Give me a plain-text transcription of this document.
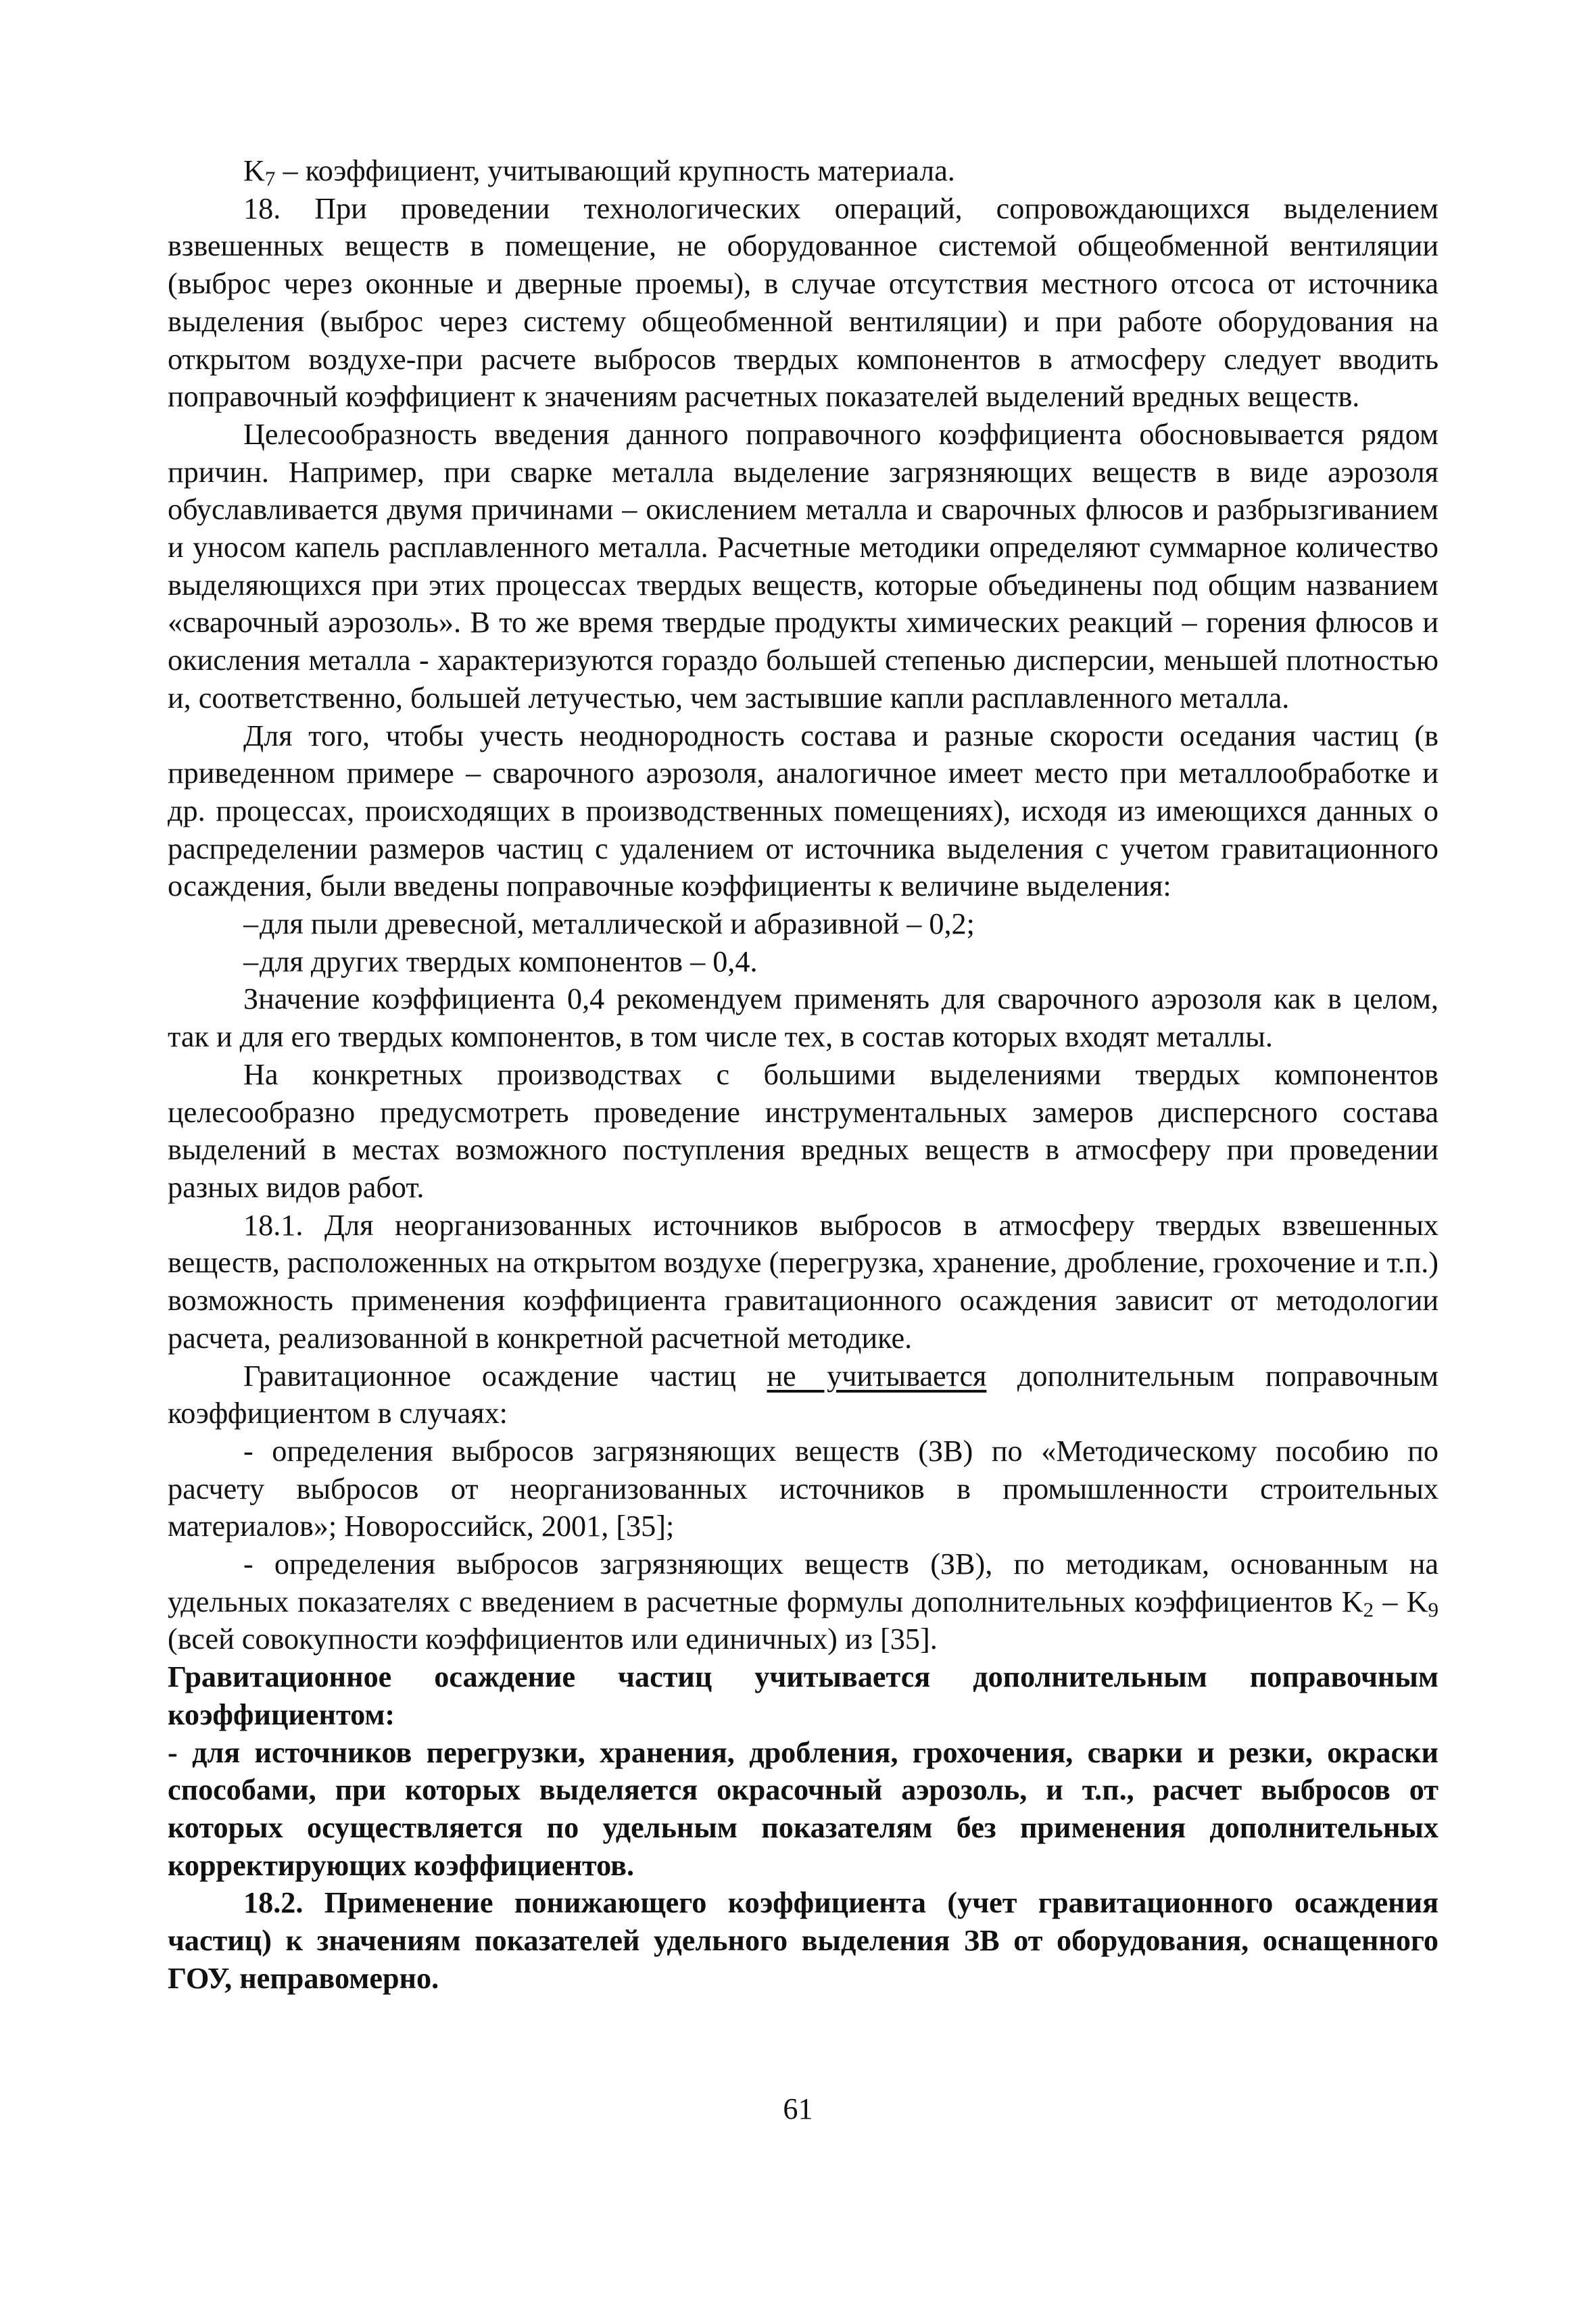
$K_7$ – коэффициент, учитывающий крупность материала.

18. При проведении технологических операций, сопровождающихся выделением взвешенных веществ в помещение, не оборудованное системой общеобменной вентиляции (выброс через оконные и дверные проемы), в случае отсутствия местного отсоса от источника выделения (выброс через систему общеобменной вентиляции) и при работе оборудования на открытом воздухе-при расчете выбросов твердых компонентов в атмосферу следует вводить поправочный коэффициент к значениям расчетных показателей выделений вредных веществ.

Целесообразность введения данного поправочного коэффициента обосновывается рядом причин. Например, при сварке металла выделение загрязняющих веществ в виде аэрозоля обуславливается двумя причинами – окислением металла и сварочных флюсов и разбрызгиванием и уносом капель расплавленного металла. Расчетные методики определяют суммарное количество выделяющихся при этих процессах твердых веществ, которые объединены под общим названием «сварочный аэрозоль». В то же время твердые продукты химических реакций – горения флюсов и окисления металла - характеризуются гораздо большей степенью дисперсии, меньшей плотностью и, соответственно, большей летучестью, чем застывшие капли расплавленного металла.

Для того, чтобы учесть неоднородность состава и разные скорости оседания частиц (в приведенном примере – сварочного аэрозоля, аналогичное имеет место при металлообработке и др. процессах, происходящих в производственных помещениях), исходя из имеющихся данных о распределении размеров частиц с удалением от источника выделения с учетом гравитационного осаждения, были введены поправочные коэффициенты к величине выделения:

– для пыли древесной, металлической и абразивной – 0,2;

– для других твердых компонентов – 0,4.

Значение коэффициента 0,4 рекомендуем применять для сварочного аэрозоля как в целом, так и для его твердых компонентов, в том числе тех, в состав которых входят металлы.

На конкретных производствах с большими выделениями твердых компонентов целесообразно предусмотреть проведение инструментальных замеров дисперсного состава выделений в местах возможного поступления вредных веществ в атмосферу при проведении разных видов работ.

18.1. Для неорганизованных источников выбросов в атмосферу твердых взвешенных веществ, расположенных на открытом воздухе (перегрузка, хранение, дробление, грохочение и т.п.) возможность применения коэффициента гравитационного осаждения зависит от методологии расчета, реализованной в конкретной расчетной методике.

Гравитационное осаждение частиц не учитывается дополнительным поправочным коэффициентом в случаях:

- определения выбросов загрязняющих веществ (ЗВ) по «Методическому пособию по расчету выбросов от неорганизованных источников в промышленности строительных материалов»; Новороссийск, 2001, [35];

- определения выбросов загрязняющих веществ (ЗВ), по методикам, основанным на удельных показателях с введением в расчетные формулы дополнительных коэффициентов $K_2 - K_9$ (всей совокупности коэффициентов или единичных) из [35].

Гравитационное осаждение частиц учитывается дополнительным поправочным коэффициентом:

- для источников перегрузки, хранения, дробления, грохочения, сварки и резки, окраски способами, при которых выделяется окрасочный аэрозоль, и т.п., расчет выбросов от которых осуществляется по удельным показателям без применения дополнительных корректирующих коэффициентов.

18.2. Применение понижающего коэффициента (учет гравитационного осаждения частиц) к значениям показателей удельного выделения ЗВ от оборудования, оснащенного ГОУ, неправомерно.

61
